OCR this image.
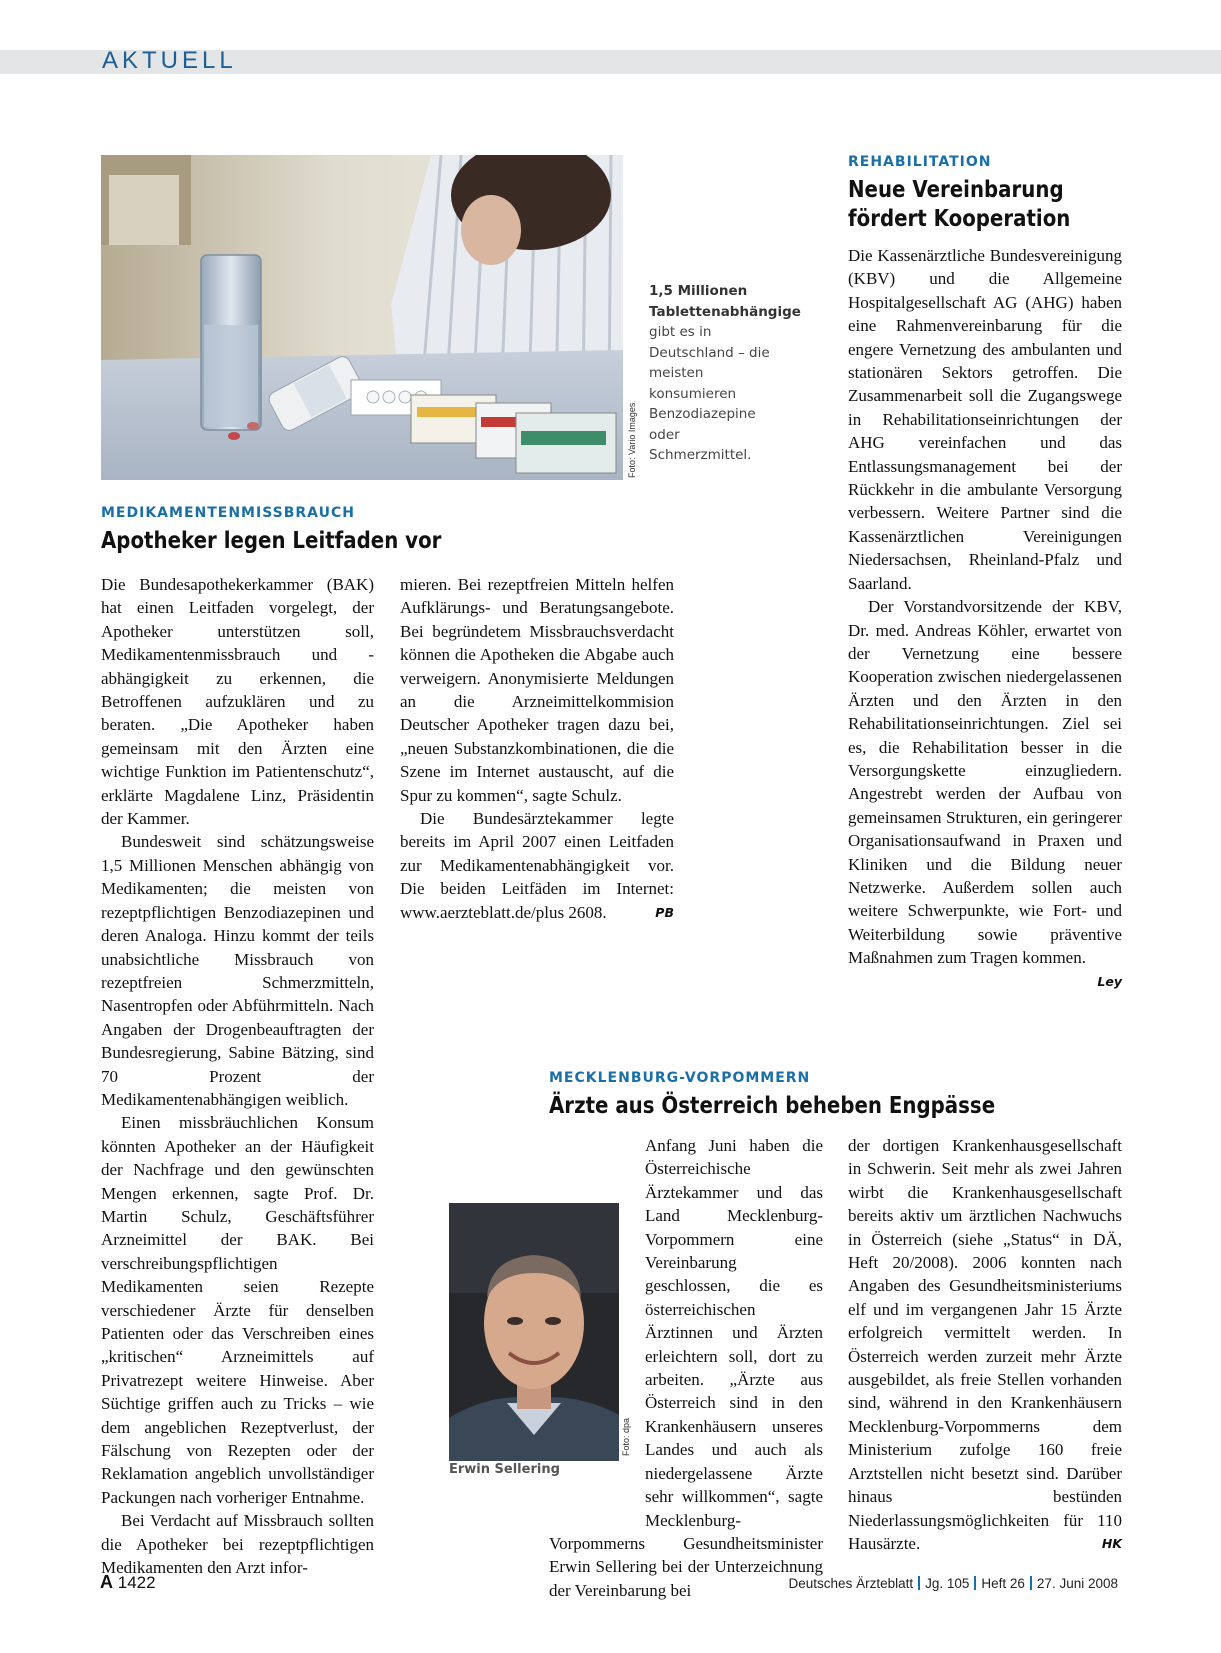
AKTUELL
Foto: Vario Images
1,5 Millionen Tablettenabhängige gibt es in Deutschland – die meisten konsumieren Benzodiazepine oder Schmerzmittel.
MEDIKAMENTENMISSBRAUCH
Apotheker legen Leitfaden vor

Die Bundesapothekerkammer (BAK) hat einen Leitfaden vorgelegt, der Apotheker unterstützen soll, Medikamentenmissbrauch und -abhängigkeit zu erkennen, die Betroffenen aufzuklären und zu beraten. „Die Apotheker haben gemeinsam mit den Ärzten eine wichtige Funktion im Patientenschutz“, erklärte Magdalene Linz, Präsidentin der Kammer.

Bundesweit sind schätzungsweise 1,5 Millionen Menschen abhängig von Medikamenten; die meisten von rezeptpflichtigen Benzodiazepinen und deren Analoga. Hinzu kommt der teils unabsichtliche Missbrauch von rezeptfreien Schmerzmitteln, Nasentropfen oder Abführmitteln. Nach Angaben der Drogenbeauftragten der Bundesregierung, Sabine Bätzing, sind 70 Prozent der Medikamentenabhängigen weiblich.

Einen missbräuchlichen Konsum könnten Apotheker an der Häufigkeit der Nachfrage und den gewünschten Mengen erkennen, sagte Prof. Dr. Martin Schulz, Geschäftsführer Arzneimittel der BAK. Bei verschreibungspflichtigen Medikamenten seien Rezepte verschiedener Ärzte für denselben Patienten oder das Verschreiben eines „kritischen“ Arzneimittels auf Privatrezept weitere Hinweise. Aber Süchtige griffen auch zu Tricks – wie dem angeblichen Rezeptverlust, der Fälschung von Rezepten oder der Reklamation angeblich unvollständiger Packungen nach vorheriger Entnahme.

Bei Verdacht auf Missbrauch sollten die Apotheker bei rezeptpflichtigen Medikamenten den Arzt infor-

mieren. Bei rezeptfreien Mitteln helfen Aufklärungs- und Beratungsangebote. Bei begründetem Missbrauchsverdacht können die Apotheken die Abgabe auch verweigern. Anonymisierte Meldungen an die Arzneimittelkommision Deutscher Apotheker tragen dazu bei, „neuen Substanzkombinationen, die die Szene im Internet austauscht, auf die Spur zu kommen“, sagte Schulz.

Die Bundesärztekammer legte bereits im April 2007 einen Leitfaden zur Medikamentenabhängigkeit vor. Die beiden Leitfäden im Internet: www.aerzteblatt.de/plus 2608.	PB

REHABILITATION
Neue Vereinbarung
fördert Kooperation

Die Kassenärztliche Bundesvereinigung (KBV) und die Allgemeine Hospitalgesellschaft AG (AHG) haben eine Rahmenvereinbarung für die engere Vernetzung des ambulanten und stationären Sektors getroffen. Die Zusammenarbeit soll die Zugangswege in Rehabilitationseinrichtungen der AHG vereinfachen und das Entlassungsmanagement bei der Rückkehr in die ambulante Versorgung verbessern. Weitere Partner sind die Kassenärztlichen Vereinigungen Niedersachsen, Rheinland-Pfalz und Saarland.

Der Vorstandvorsitzende der KBV, Dr. med. Andreas Köhler, erwartet von der Vernetzung eine bessere Kooperation zwischen niedergelassenen Ärzten und den Ärzten in den Rehabilitationseinrichtungen. Ziel sei es, die Rehabilitation besser in die Versorgungskette einzugliedern. Angestrebt werden der Aufbau von gemeinsamen Strukturen, ein geringerer Organisationsaufwand in Praxen und Kliniken und die Bildung neuer Netzwerke. Außerdem sollen auch weitere Schwerpunkte, wie Fort- und Weiterbildung sowie präventive Maßnahmen zum Tragen kommen.
Ley

MECKLENBURG-VORPOMMERN
Ärzte aus Österreich beheben Engpässe
Foto: dpa
Erwin Sellering

Anfang Juni haben die Österreichische Ärztekammer und das Land Mecklenburg-Vorpommern eine Vereinbarung geschlossen, die es österreichischen Ärztinnen und Ärzten erleichtern soll, dort zu arbeiten. „Ärzte aus Österreich sind in den Krankenhäusern unseres Landes und auch als niedergelassene Ärzte sehr willkommen“, sagte Mecklenburg-Vorpommerns Gesundheitsminister Erwin Sellering bei der Unterzeichnung der Vereinbarung bei

der dortigen Krankenhausgesellschaft in Schwerin. Seit mehr als zwei Jahren wirbt die Krankenhausgesellschaft bereits aktiv um ärztlichen Nachwuchs in Österreich (siehe „Status“ in DÄ, Heft 20/2008). 2006 konnten nach Angaben des Gesundheitsministeriums elf und im vergangenen Jahr 15 Ärzte erfolgreich vermittelt werden. In Österreich werden zurzeit mehr Ärzte ausgebildet, als freie Stellen vorhanden sind, während in den Krankenhäusern Mecklenburg-Vorpommerns dem Ministerium zufolge 160 freie Arztstellen nicht besetzt sind. Darüber hinaus bestünden Niederlassungsmöglichkeiten für 110 Hausärzte.	HK

A 1422	Deutsches Ärzteblatt Jg. 105 Heft 26 27. Juni 2008
